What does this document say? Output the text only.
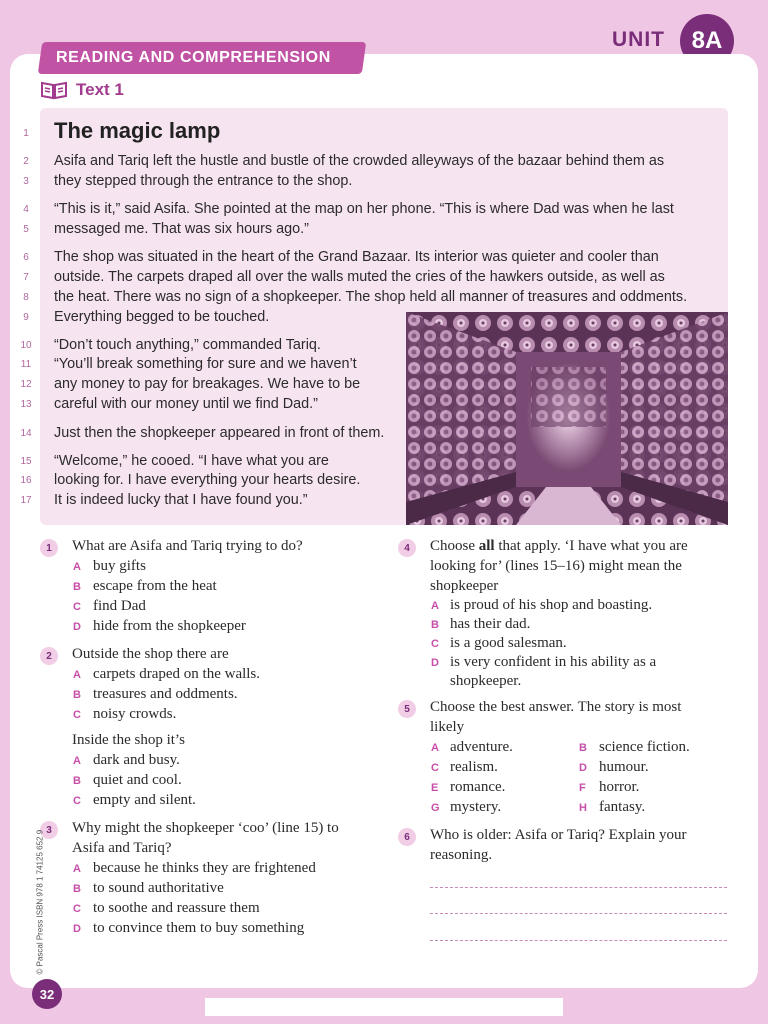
UNIT	8A
READING AND COMPREHENSION
Text 1
The magic lamp
1
2
3
4
5
6
7
8
9
10
11
12
13
14
15
16
17
Asifa and Tariq left the hustle and bustle of the crowded alleyways of the bazaar behind them as
they stepped through the entrance to the shop.
“This is it,” said Asifa. She pointed at the map on her phone. “This is where Dad was when he last
messaged me. That was six hours ago.”
The shop was situated in the heart of the Grand Bazaar. Its interior was quieter and cooler than
outside. The carpets draped all over the walls muted the cries of the hawkers outside, as well as
the heat. There was no sign of a shopkeeper. The shop held all manner of treasures and oddments.
Everything begged to be touched.
“Don’t touch anything,” commanded Tariq.
“You’ll break something for sure and we haven’t
any money to pay for breakages. We have to be
careful with our money until we find Dad.”
Just then the shopkeeper appeared in front of them.
“Welcome,” he cooed. “I have what you are
looking for. I have everything your hearts desire.
It is indeed lucky that I have found you.”
1	What are Asifa and Tariq trying to do?
A buy gifts
B escape from the heat
C find Dad
D hide from the shopkeeper
2	Outside the shop there are
A carpets draped on the walls.
B treasures and oddments.
C noisy crowds.
Inside the shop it’s
A dark and busy.
B quiet and cool.
C empty and silent.
3	Why might the shopkeeper ‘coo’ (line 15) to
Asifa and Tariq?
A because he thinks they are frightened
B to sound authoritative
C to soothe and reassure them
D to convince them to buy something
4	Choose all that apply. ‘I have what you are
looking for’ (lines 15–16) might mean the
shopkeeper
A is proud of his shop and boasting.
B has their dad.
C is a good salesman.
D is very confident in his ability as a
shopkeeper.
5	Choose the best answer. The story is most
likely
A adventure.	B science fiction.
C realism.	D humour.
E romance.	F horror.
G mystery.	H fantasy.
6	Who is older: Asifa or Tariq? Explain your
reasoning.
© Pascal Press ISBN 978 1 74125 652 9
32
